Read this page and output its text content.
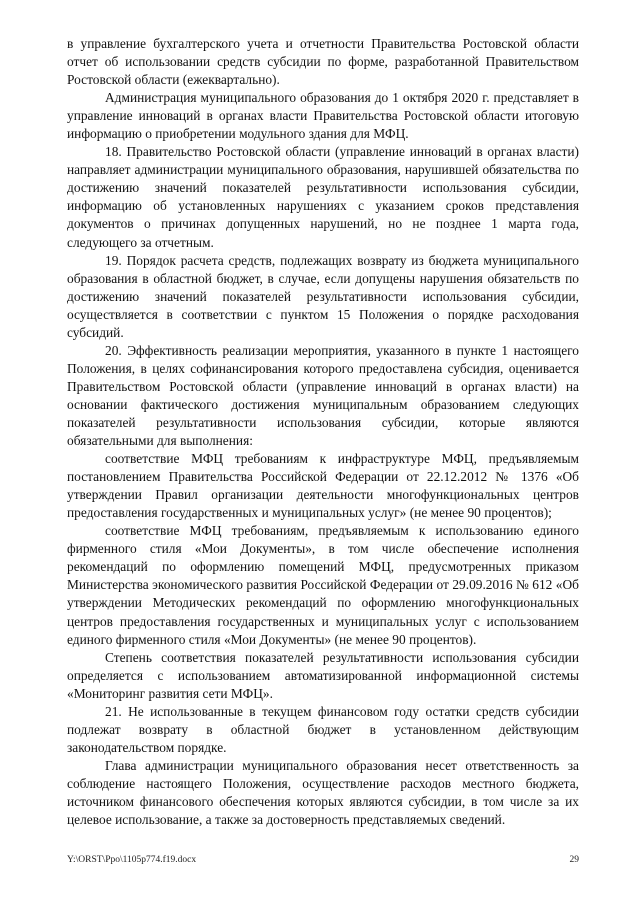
в управление бухгалтерского учета и отчетности Правительства Ростовской области отчет об использовании средств субсидии по форме, разработанной Правительством Ростовской области (ежеквартально).

Администрация муниципального образования до 1 октября 2020 г. представляет в управление инноваций в органах власти Правительства Ростовской области итоговую информацию о приобретении модульного здания для МФЦ.

18. Правительство Ростовской области (управление инноваций в органах власти) направляет администрации муниципального образования, нарушившей обязательства по достижению значений показателей результативности использования субсидии, информацию об установленных нарушениях с указанием сроков представления документов о причинах допущенных нарушений, но не позднее 1 марта года, следующего за отчетным.

19. Порядок расчета средств, подлежащих возврату из бюджета муниципального образования в областной бюджет, в случае, если допущены нарушения обязательств по достижению значений показателей результативности использования субсидии, осуществляется в соответствии с пунктом 15 Положения о порядке расходования субсидий.

20. Эффективность реализации мероприятия, указанного в пункте 1 настоящего Положения, в целях софинансирования которого предоставлена субсидия, оценивается Правительством Ростовской области (управление инноваций в органах власти) на основании фактического достижения муниципальным образованием следующих показателей результативности использования субсидии, которые являются обязательными для выполнения:

соответствие МФЦ требованиям к инфраструктуре МФЦ, предъявляемым постановлением Правительства Российской Федерации от 22.12.2012 № 1376 «Об утверждении Правил организации деятельности многофункциональных центров предоставления государственных и муниципальных услуг» (не менее 90 процентов);

соответствие МФЦ требованиям, предъявляемым к использованию единого фирменного стиля «Мои Документы», в том числе обеспечение исполнения рекомендаций по оформлению помещений МФЦ, предусмотренных приказом Министерства экономического развития Российской Федерации от 29.09.2016 № 612 «Об утверждении Методических рекомендаций по оформлению многофункциональных центров предоставления государственных и муниципальных услуг с использованием единого фирменного стиля «Мои Документы» (не менее 90 процентов).

Степень соответствия показателей результативности использования субсидии определяется с использованием автоматизированной информационной системы «Мониторинг развития сети МФЦ».

21. Не использованные в текущем финансовом году остатки средств субсидии подлежат возврату в областной бюджет в установленном действующим законодательством порядке.

Глава администрации муниципального образования несет ответственность за соблюдение настоящего Положения, осуществление расходов местного бюджета, источником финансового обеспечения которых являются субсидии, в том числе за их целевое использование, а также за достоверность представляемых сведений.

Y:\ORST\Ppo\1105p774.f19.docx	29
